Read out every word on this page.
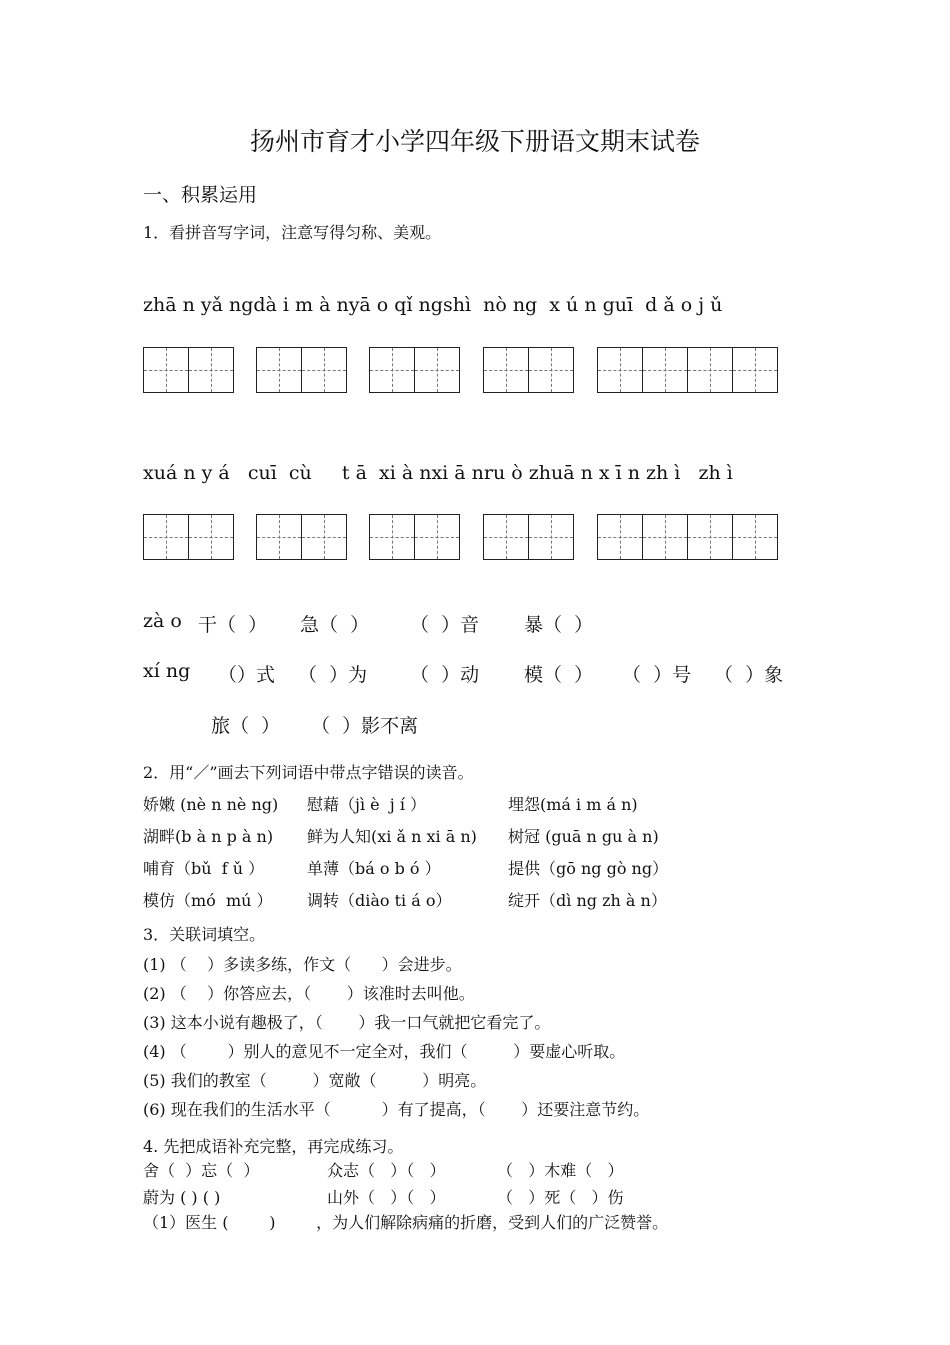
扬州市育才小学四年级下册语文期末试卷
一、积累运用
1．看拼音写字词，注意写得匀称、美观。
zhā n yǎ ngdà i m à nyā o qǐ ngshì  nò ng  x ú n guī  d ǎ o j ǔ
xuá n y á   cuī  cù     t ā  xi à nxi ā nru ò zhuā n x ī n zh ì   zh ì
zà o 干（  ） 急（  ） （  ）音 暴（  ）
xí ng （）式 （  ）为 （  ）动 模（  ） （  ）号 （  ）象
旅（  ） （  ）影不离
2．用“／”画去下列词语中带点字错误的读音。
娇嫩 (nè n nè ng) 慰藉（jì è  j í ）	埋怨(má i m á n)
湖畔(b à n p à n) 鲜为人知(xi ǎ n xi ā n) 树冠 (guā n gu à n)
哺育（bǔ  f ǔ ）	单薄（bá o b ó ）	提供（gō ng gò ng）
模仿（mó  mú ） 调转（diào ti á o）	绽开（dì ng zh à n）
3．关联词填空。
(1) （    ）多读多练，作文（      ）会进步。
(2) （    ）你答应去，（       ）该准时去叫他。
(3) 这本小说有趣极了，（       ）我一口气就把它看完了。
(4) （        ）别人的意见不一定全对，我们（         ）要虚心听取。
(5) 我们的教室（         ）宽敞（         ）明亮。
(6) 现在我们的生活水平（          ）有了提高，（       ）还要注意节约。
4. 先把成语补充完整，再完成练习。
舍（  ）忘（  ）	众志（   ）（   ）	（   ）木难（   ）
蔚为 ( ) ( )	山外（   ）（   ）	（   ）死（   ）伤
（1）医生 (        )        ，为人们解除病痛的折磨，受到人们的广泛赞誉。
